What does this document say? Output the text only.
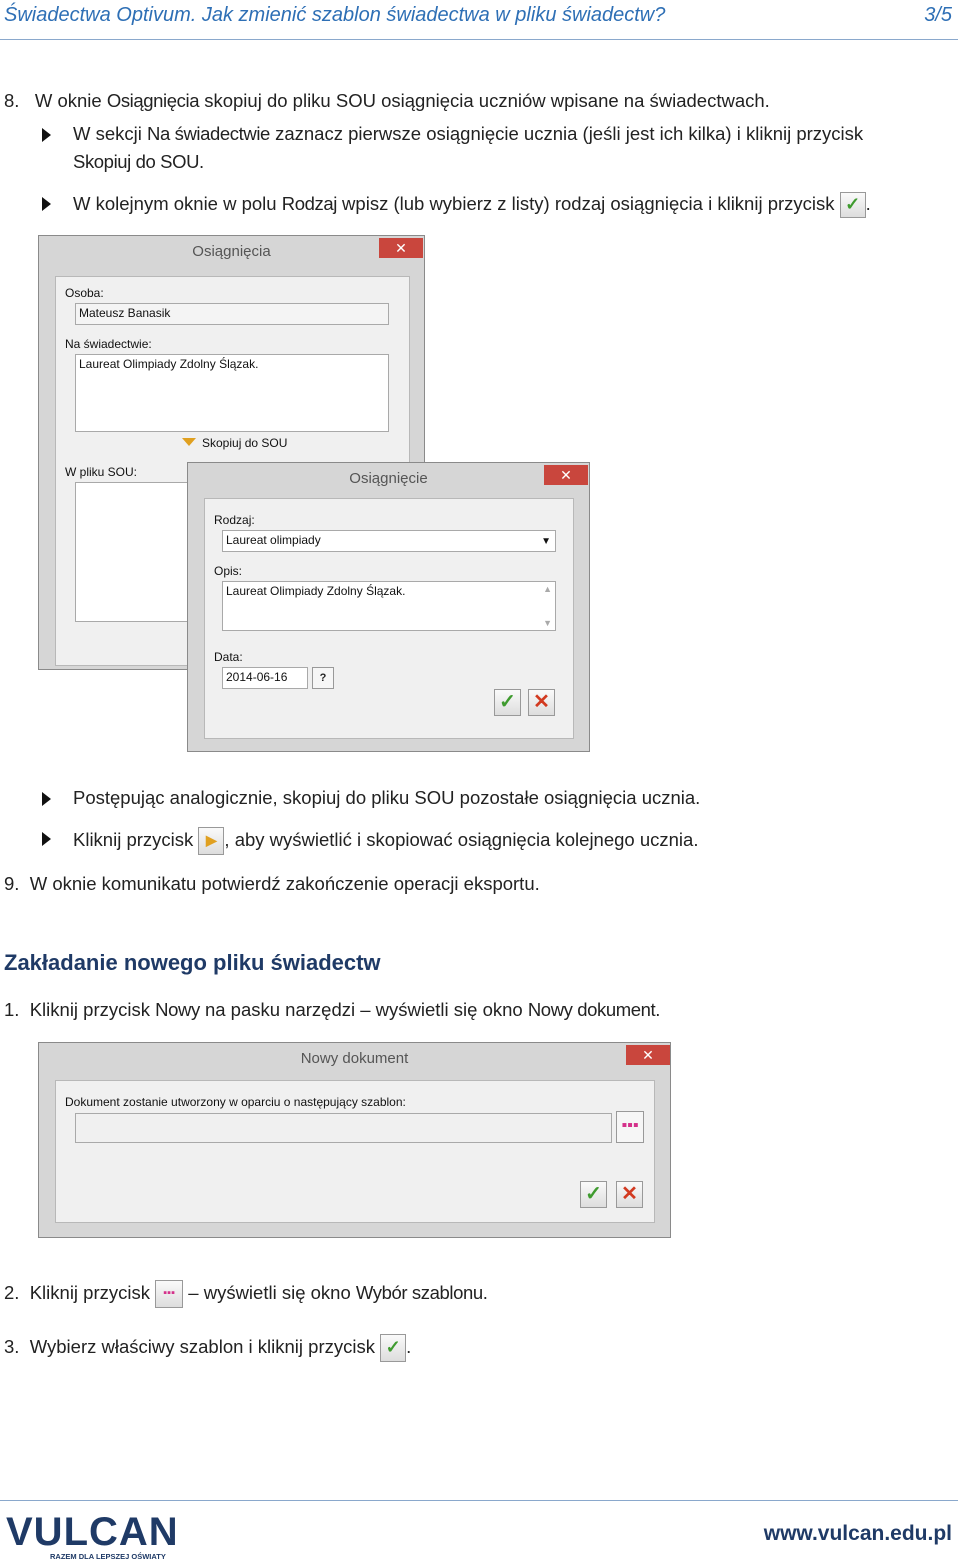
Świadectwa Optivum. Jak zmienić szablon świadectwa w pliku świadectw?	3/5
8. W oknie Osiągnięcia skopiuj do pliku SOU osiągnięcia uczniów wpisane na świadectwach.
W sekcji Na świadectwie zaznacz pierwsze osiągnięcie ucznia (jeśli jest ich kilka) i kliknij przycisk
Skopiuj do SOU.
W kolejnym oknie w polu Rodzaj wpisz (lub wybierz z listy) rodzaj osiągnięcia i kliknij przycisk ✓ .
Osiągnięcia	✕
Osoba:
Mateusz Banasik
Na świadectwie:
Laureat Olimpiady Zdolny Ślązak.
Skopiuj do SOU
W pliku SOU:	Osiągnięcie	✕
Rodzaj:
Laureat olimpiady	▼
Opis:
Laureat Olimpiady Zdolny Ślązak.	▲
▼
Data:
2014-06-16	?
✓ ✕
Postępując analogicznie, skopiuj do pliku SOU pozostałe osiągnięcia ucznia.
Kliknij przycisk ▶ , aby wyświetlić i skopiować osiągnięcia kolejnego ucznia.
9. W oknie komunikatu potwierdź zakończenie operacji eksportu.
Zakładanie nowego pliku świadectw
1. Kliknij przycisk Nowy na pasku narzędzi – wyświetli się okno Nowy dokument.
Nowy dokument	✕
Dokument zostanie utworzony w oparciu o następujący szablon:
▪▪▪
✓ ✕
2. Kliknij przycisk ▪▪▪ – wyświetli się okno Wybór szablonu.
3. Wybierz właściwy szablon i kliknij przycisk ✓ .
VULCAN
RAZEM DLA LEPSZEJ OŚWIATY
www.vulcan.edu.pl
